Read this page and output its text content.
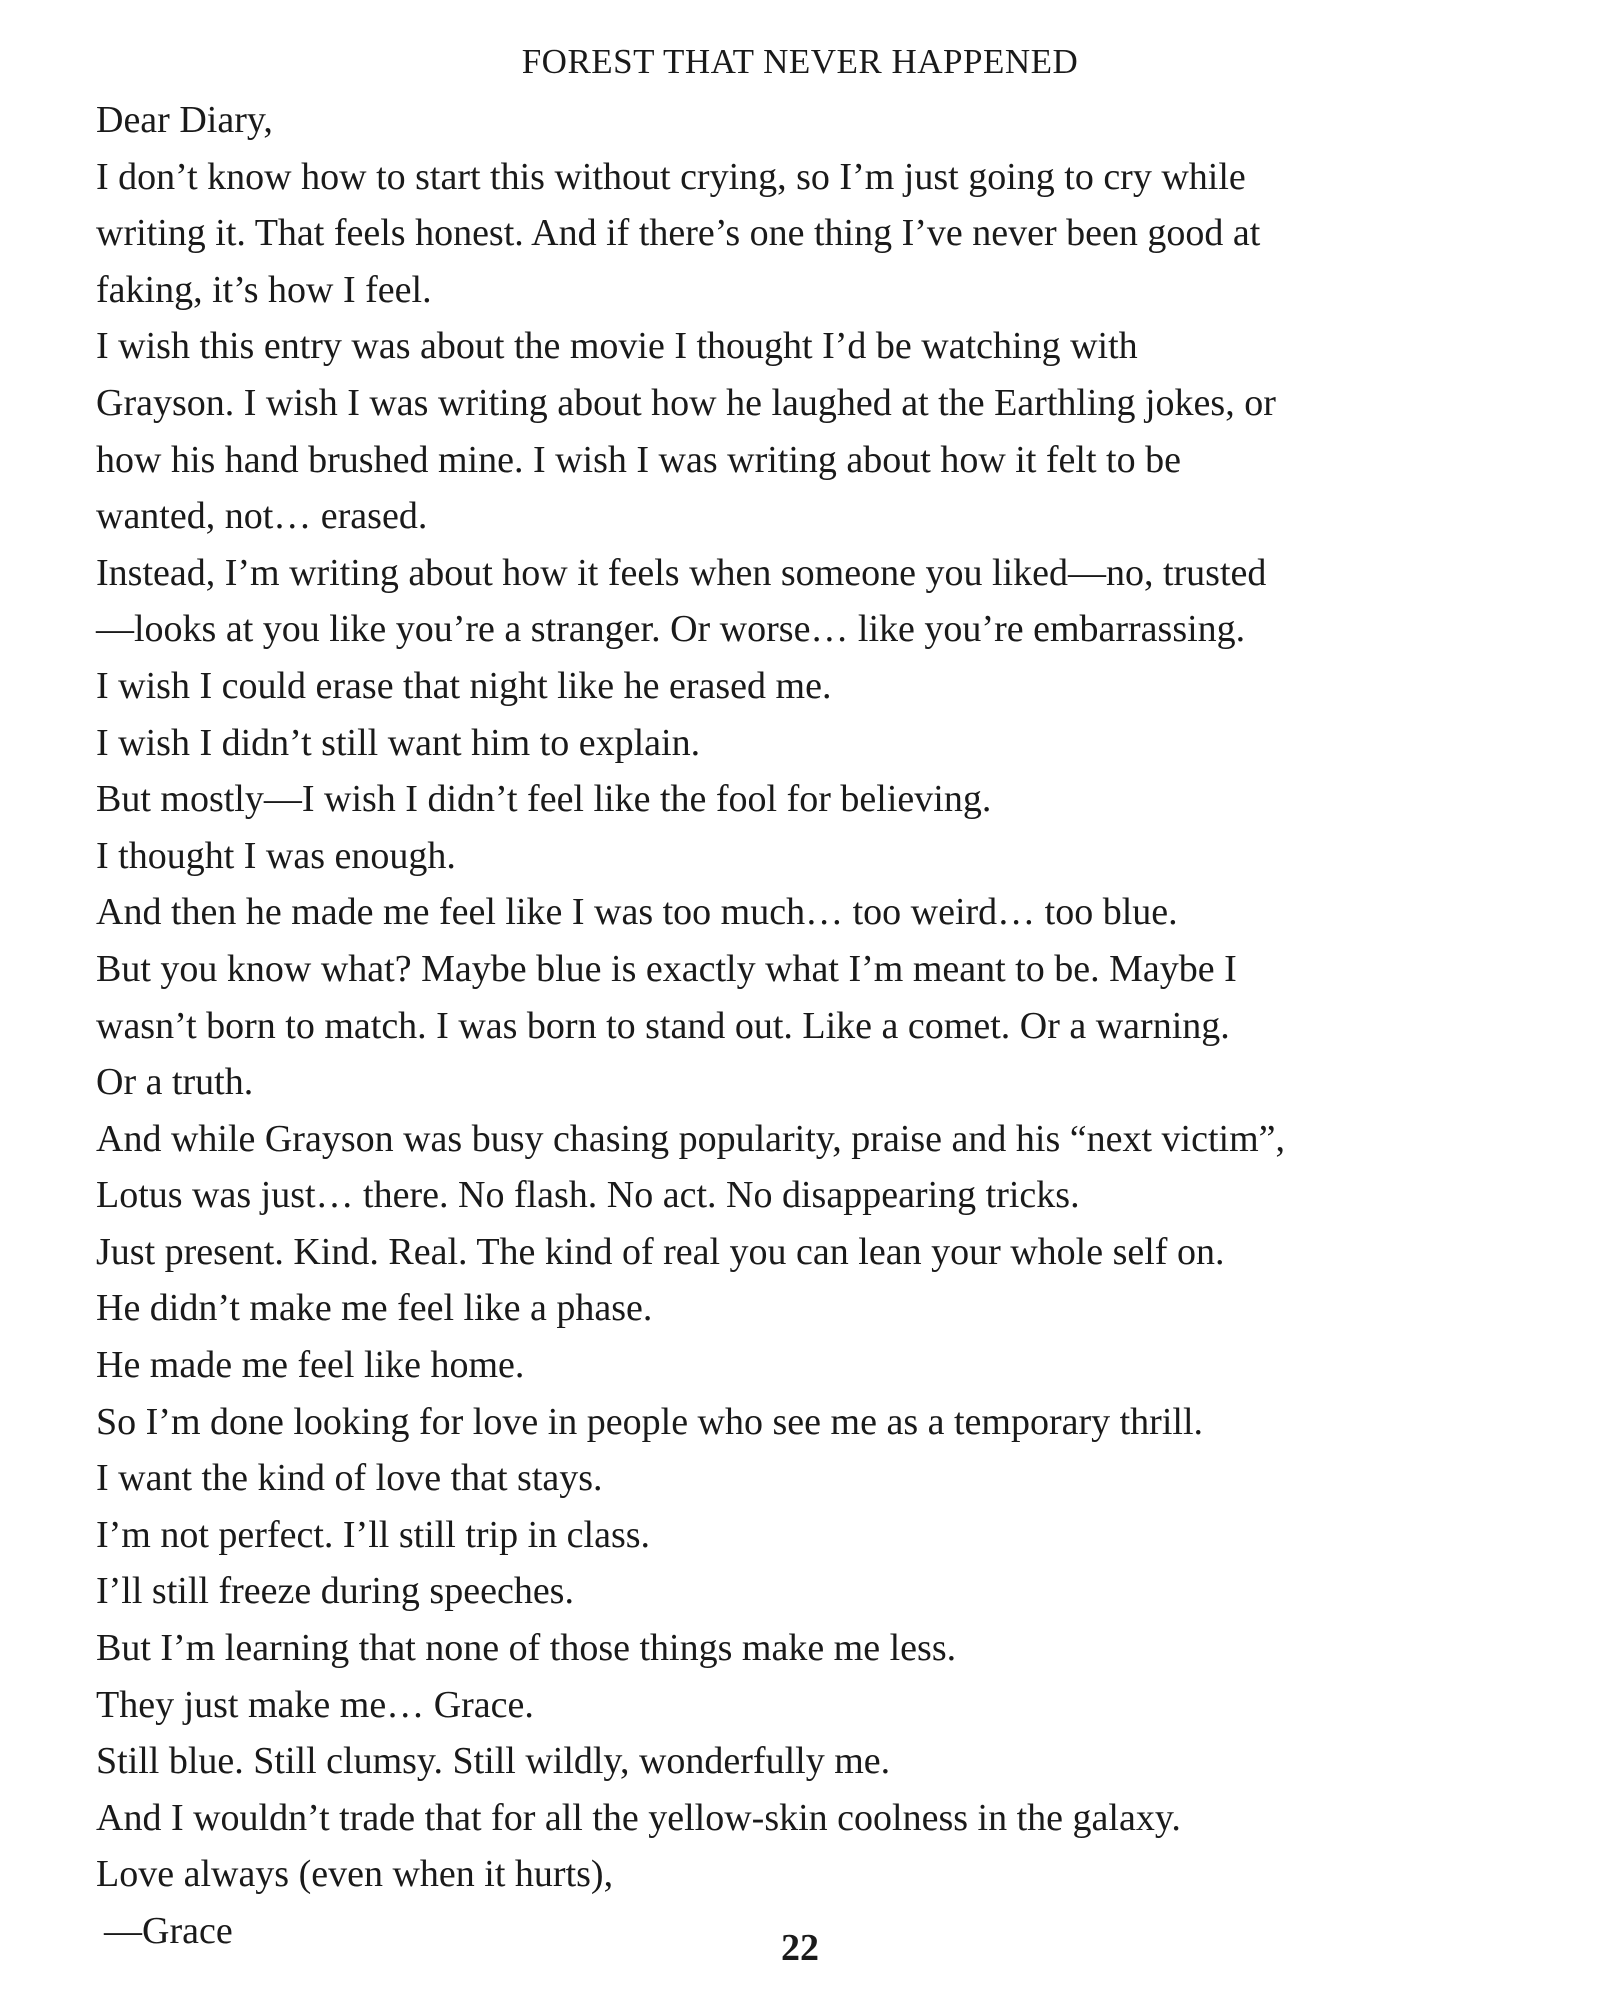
FOREST THAT NEVER HAPPENED
Dear Diary,
I don’t know how to start this without crying, so I’m just going to cry while
writing it. That feels honest. And if there’s one thing I’ve never been good at
faking, it’s how I feel.
I wish this entry was about the movie I thought I’d be watching with
Grayson. I wish I was writing about how he laughed at the Earthling jokes, or
how his hand brushed mine. I wish I was writing about how it felt to be
wanted, not… erased.
Instead, I’m writing about how it feels when someone you liked—no, trusted
—looks at you like you’re a stranger. Or worse… like you’re embarrassing.
I wish I could erase that night like he erased me.
I wish I didn’t still want him to explain.
But mostly—I wish I didn’t feel like the fool for believing.
I thought I was enough.
And then he made me feel like I was too much… too weird… too blue.
But you know what? Maybe blue is exactly what I’m meant to be. Maybe I
wasn’t born to match. I was born to stand out. Like a comet. Or a warning.
Or a truth.
And while Grayson was busy chasing popularity, praise and his “next victim”,
Lotus was just… there. No flash. No act. No disappearing tricks.
Just present. Kind. Real. The kind of real you can lean your whole self on.
He didn’t make me feel like a phase.
He made me feel like home.
So I’m done looking for love in people who see me as a temporary thrill.
I want the kind of love that stays.
I’m not perfect. I’ll still trip in class.
I’ll still freeze during speeches.
But I’m learning that none of those things make me less.
They just make me… Grace.
Still blue. Still clumsy. Still wildly, wonderfully me.
And I wouldn’t trade that for all the yellow-skin coolness in the galaxy.
Love always (even when it hurts),
—Grace	22
